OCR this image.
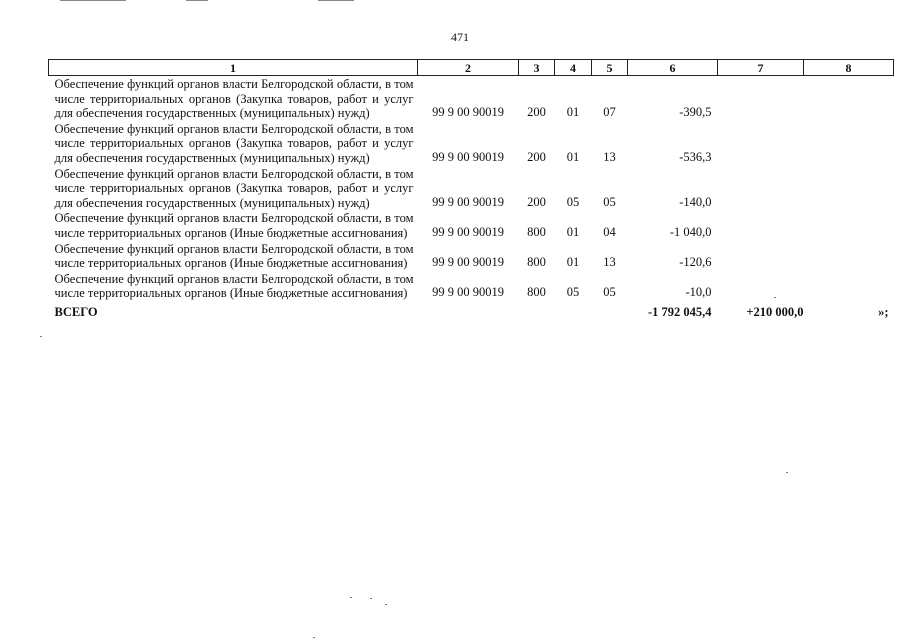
471
1	2	3	4	5	6	7	8
Обеспечение функций органов власти Белгородской области, в том числе территориальных органов (Закупка товаров, работ и услуг для обеспечения государственных (муниципальных) нужд)	99 9 00 90019	200	01	07	-390,5		
Обеспечение функций органов власти Белгородской области, в том числе территориальных органов (Закупка товаров, работ и услуг для обеспечения государственных (муниципальных) нужд)	99 9 00 90019	200	01	13	-536,3		
Обеспечение функций органов власти Белгородской области, в том числе территориальных органов (Закупка товаров, работ и услуг для обеспечения государственных (муниципальных) нужд)	99 9 00 90019	200	05	05	-140,0		
Обеспечение функций органов власти Белгородской области, в том числе территориальных органов (Иные бюджетные ассигнования)	99 9 00 90019	800	01	04	-1 040,0		
Обеспечение функций органов власти Белгородской области, в том числе территориальных органов (Иные бюджетные ассигнования)	99 9 00 90019	800	01	13	-120,6		
Обеспечение функций органов власти Белгородской области, в том числе территориальных органов (Иные бюджетные ассигнования)	99 9 00 90019	800	05	05	-10,0		
ВСЕГО					-1 792 045,4	+210 000,0	»;
